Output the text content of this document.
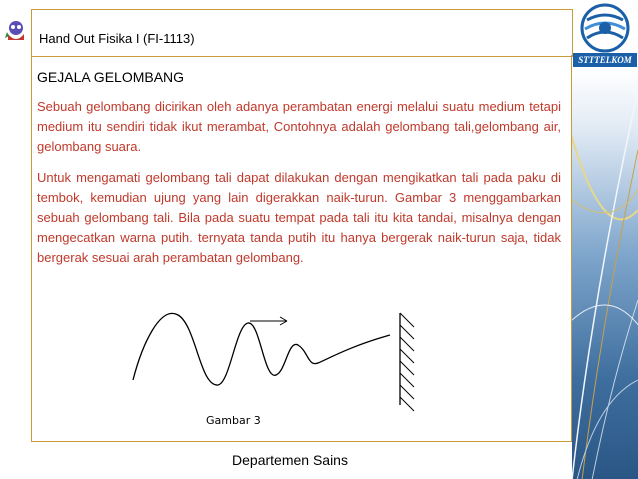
Hand Out Fisika I (FI-1113)
STTTELKOM
GEJALA GELOMBANG

Sebuah gelombang dicirikan oleh adanya perambatan energi melalui suatu medium tetapi medium itu sendiri tidak ikut merambat, Contohnya adalah gelombang tali,gelombang air, gelombang suara.

Untuk mengamati gelombang tali dapat dilakukan dengan mengikatkan tali pada paku di tembok, kemudian ujung yang lain digerakkan naik-turun. Gambar 3 menggambarkan sebuah gelombang tali. Bila pada suatu tempat pada tali itu kita tandai, misalnya dengan mengecatkan warna putih. ternyata tanda putih itu hanya bergerak naik-turun saja, tidak bergerak sesuai arah perambatan gelombang.

Gambar 3
Departemen Sains
